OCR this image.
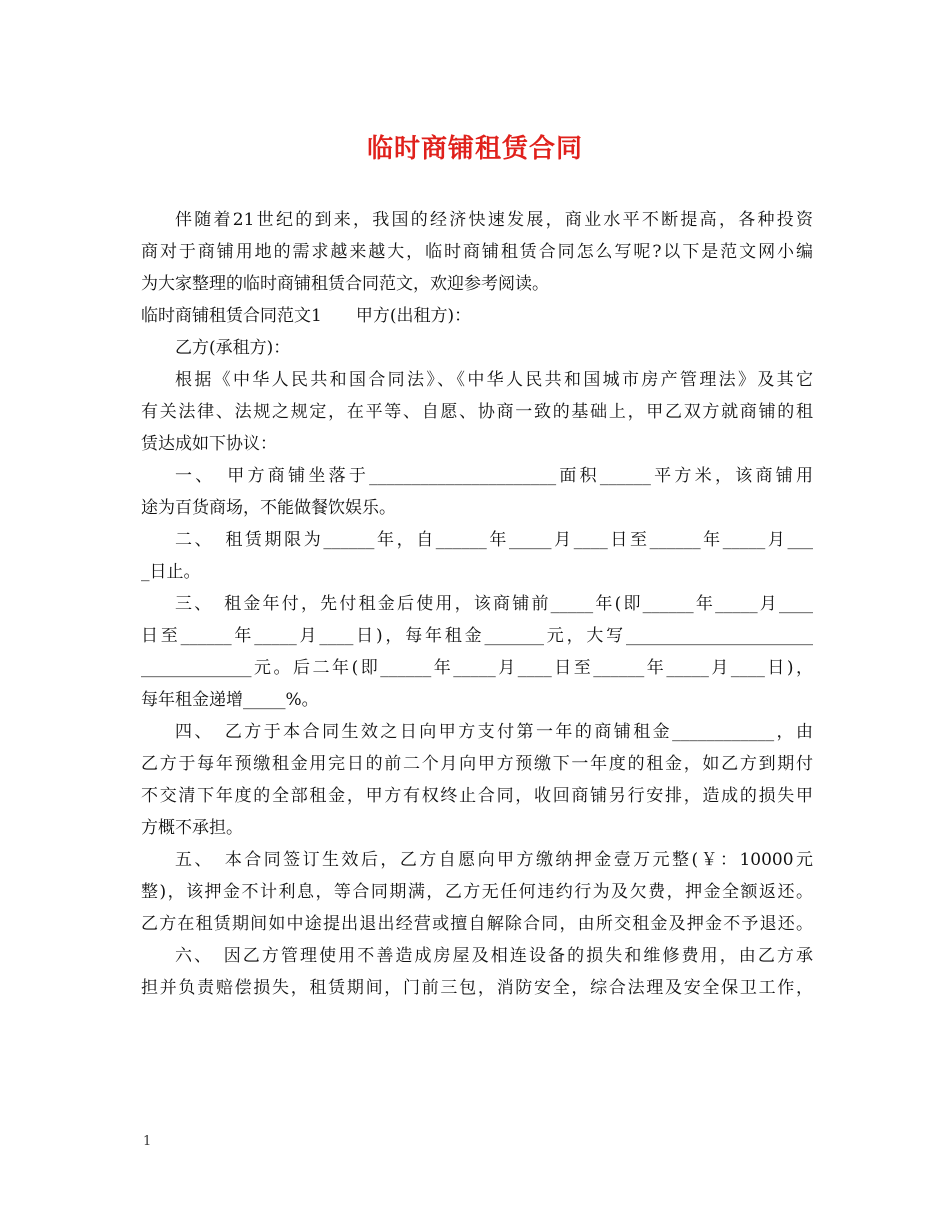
临时商铺租赁合同
伴随着21世纪的到来，我国的经济快速发展，商业水平不断提高，各种投资
商对于商铺用地的需求越来越大，临时商铺租赁合同怎么写呢?以下是范文网小编
为大家整理的临时商铺租赁合同范文，欢迎参考阅读。
临时商铺租赁合同范文1　　甲方(出租方)：
乙方(承租方)：
根据《中华人民共和国合同法》、《中华人民共和国城市房产管理法》及其它
有关法律、法规之规定，在平等、自愿、协商一致的基础上，甲乙双方就商铺的租
赁达成如下协议：
一、　甲方商铺坐落于______________________面积______平方米，该商铺用
途为百货商场，不能做餐饮娱乐。
二、　租赁期限为______年，自______年_____月____日至______年_____月___
_日止。
三、　租金年付，先付租金后使用，该商铺前_____年(即______年_____月____
日至______年_____月____日)，每年租金_______元，大写______________________
_____________元。后二年(即______年_____月____日至______年_____月____日)，
每年租金递增_____%。
四、　乙方于本合同生效之日向甲方支付第一年的商铺租金____________，由
乙方于每年预缴租金用完日的前二个月向甲方预缴下一年度的租金，如乙方到期付
不交清下年度的全部租金，甲方有权终止合同，收回商铺另行安排，造成的损失甲
方概不承担。
五、　本合同签订生效后，乙方自愿向甲方缴纳押金壹万元整(￥：10000元
整)，该押金不计利息，等合同期满，乙方无任何违约行为及欠费，押金全额返还。
乙方在租赁期间如中途提出退出经营或擅自解除合同，由所交租金及押金不予退还。
六、　因乙方管理使用不善造成房屋及相连设备的损失和维修费用，由乙方承
担并负责赔偿损失，租赁期间，门前三包，消防安全，综合法理及安全保卫工作，
1
